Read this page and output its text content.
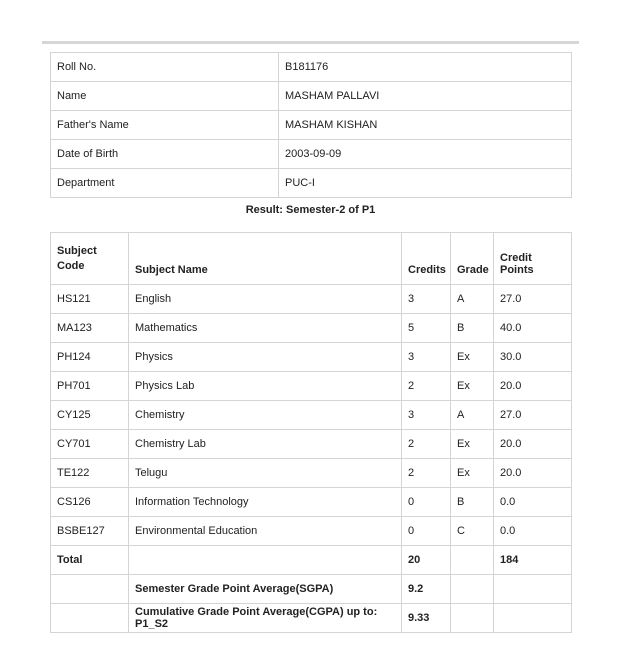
Roll No.	B181176
Name	MASHAM PALLAVI
Father's Name	MASHAM KISHAN
Date of Birth	2003-09-09
Department	PUC-I
Result: Semester-2 of P1
Subject
Code	Subject Name	Credits	Grade	Credit Points
HS121	English	3	A	27.0
MA123	Mathematics	5	B	40.0
PH124	Physics	3	Ex	30.0
PH701	Physics Lab	2	Ex	20.0
CY125	Chemistry	3	A	27.0
CY701	Chemistry Lab	2	Ex	20.0
TE122	Telugu	2	Ex	20.0
CS126	Information Technology	0	B	0.0
BSBE127	Environmental Education	0	C	0.0
Total		20		184
	Semester Grade Point Average(SGPA)	9.2		
	Cumulative Grade Point Average(CGPA) up to: P1_S2	9.33		
